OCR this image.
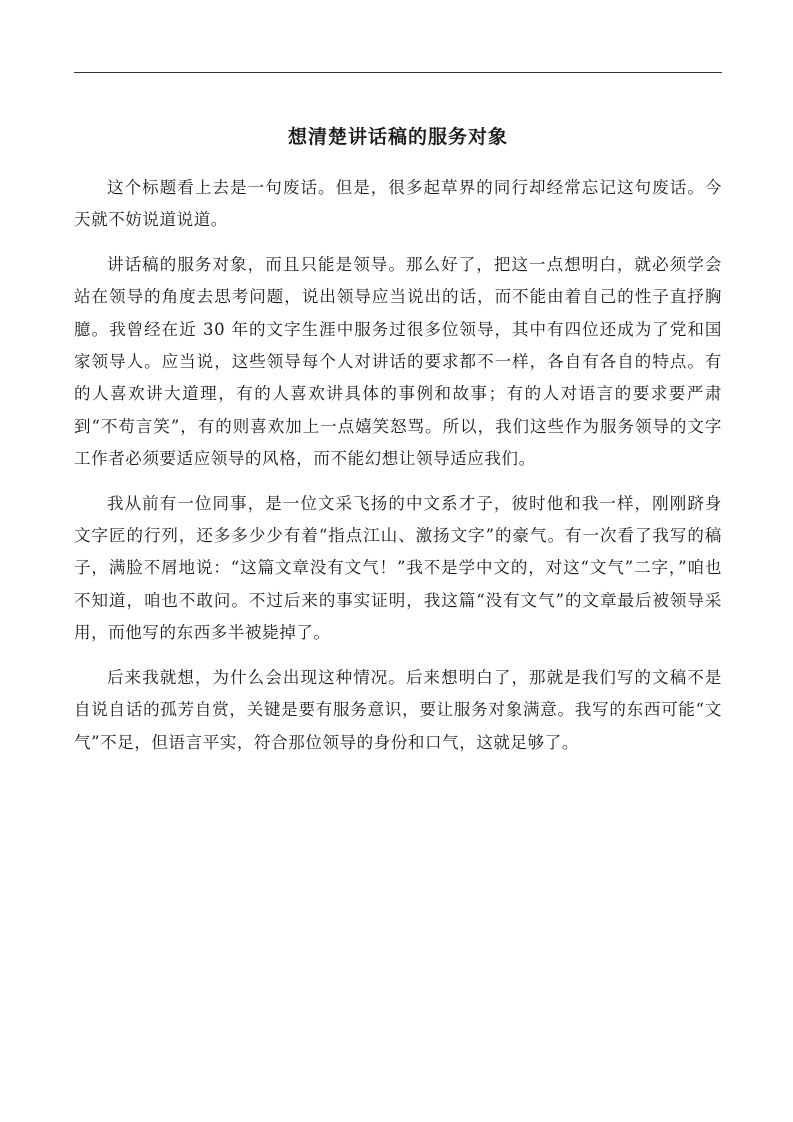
想清楚讲话稿的服务对象

这个标题看上去是一句废话。但是，很多起草界的同行却经常忘记这句废话。今天就不妨说道说道。

讲话稿的服务对象，而且只能是领导。那么好了，把这一点想明白，就必须学会站在领导的角度去思考问题，说出领导应当说出的话，而不能由着自己的性子直抒胸臆。我曾经在近 30 年的文字生涯中服务过很多位领导，其中有四位还成为了党和国家领导人。应当说，这些领导每个人对讲话的要求都不一样，各自有各自的特点。有的人喜欢讲大道理，有的人喜欢讲具体的事例和故事；有的人对语言的要求要严肃到“不苟言笑”，有的则喜欢加上一点嬉笑怒骂。所以，我们这些作为服务领导的文字工作者必须要适应领导的风格，而不能幻想让领导适应我们。

我从前有一位同事，是一位文采飞扬的中文系才子，彼时他和我一样，刚刚跻身文字匠的行列，还多多少少有着“指点江山、激扬文字”的豪气。有一次看了我写的稿子，满脸不屑地说：“这篇文章没有文气！”我不是学中文的，对这“文气”二字，”咱也不知道，咱也不敢问。不过后来的事实证明，我这篇“没有文气”的文章最后被领导采用，而他写的东西多半被毙掉了。

后来我就想，为什么会出现这种情况。后来想明白了，那就是我们写的文稿不是自说自话的孤芳自赏，关键是要有服务意识，要让服务对象满意。我写的东西可能“文气”不足，但语言平实，符合那位领导的身份和口气，这就足够了。
